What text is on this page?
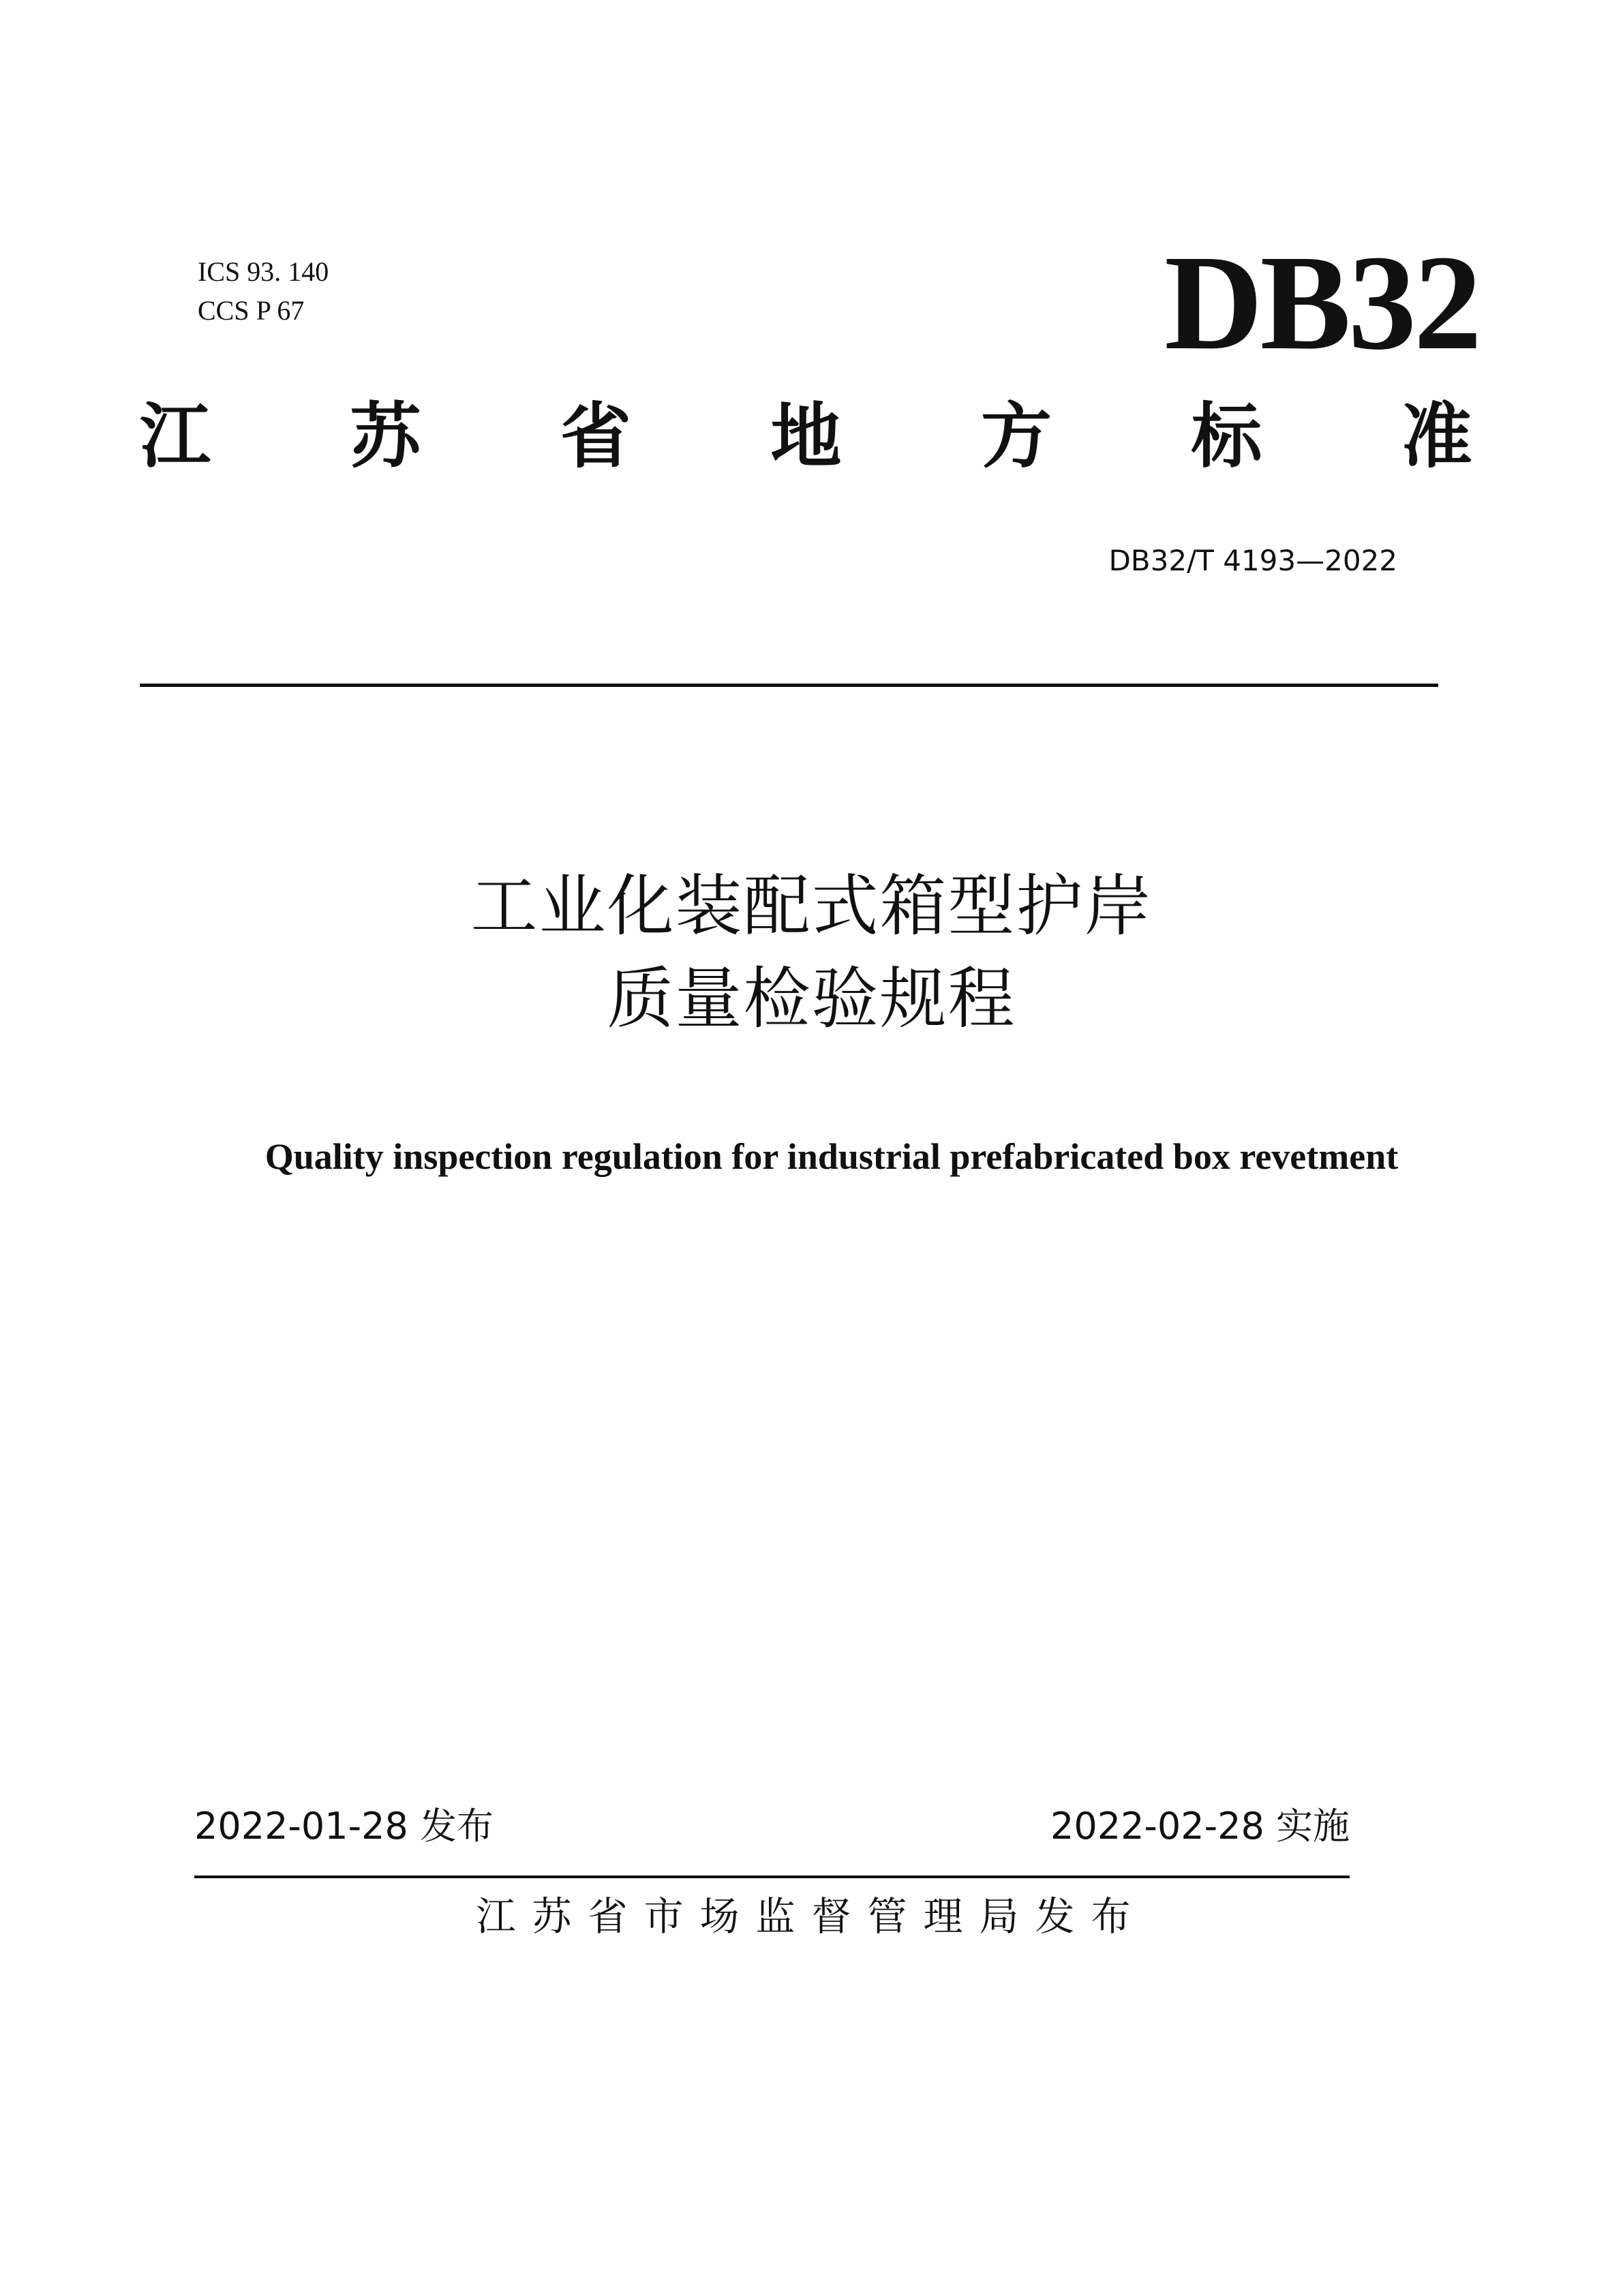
ICS 93. 140
CCS P 67	DB32
江 苏 省 地 方 标 准
DB32/T 4193—2022
工业化装配式箱型护岸
质量检验规程
Quality inspection regulation for industrial prefabricated box revetment
2022-01-28 发布	2022-02-28 实施
江苏省市场监督管理局发布
